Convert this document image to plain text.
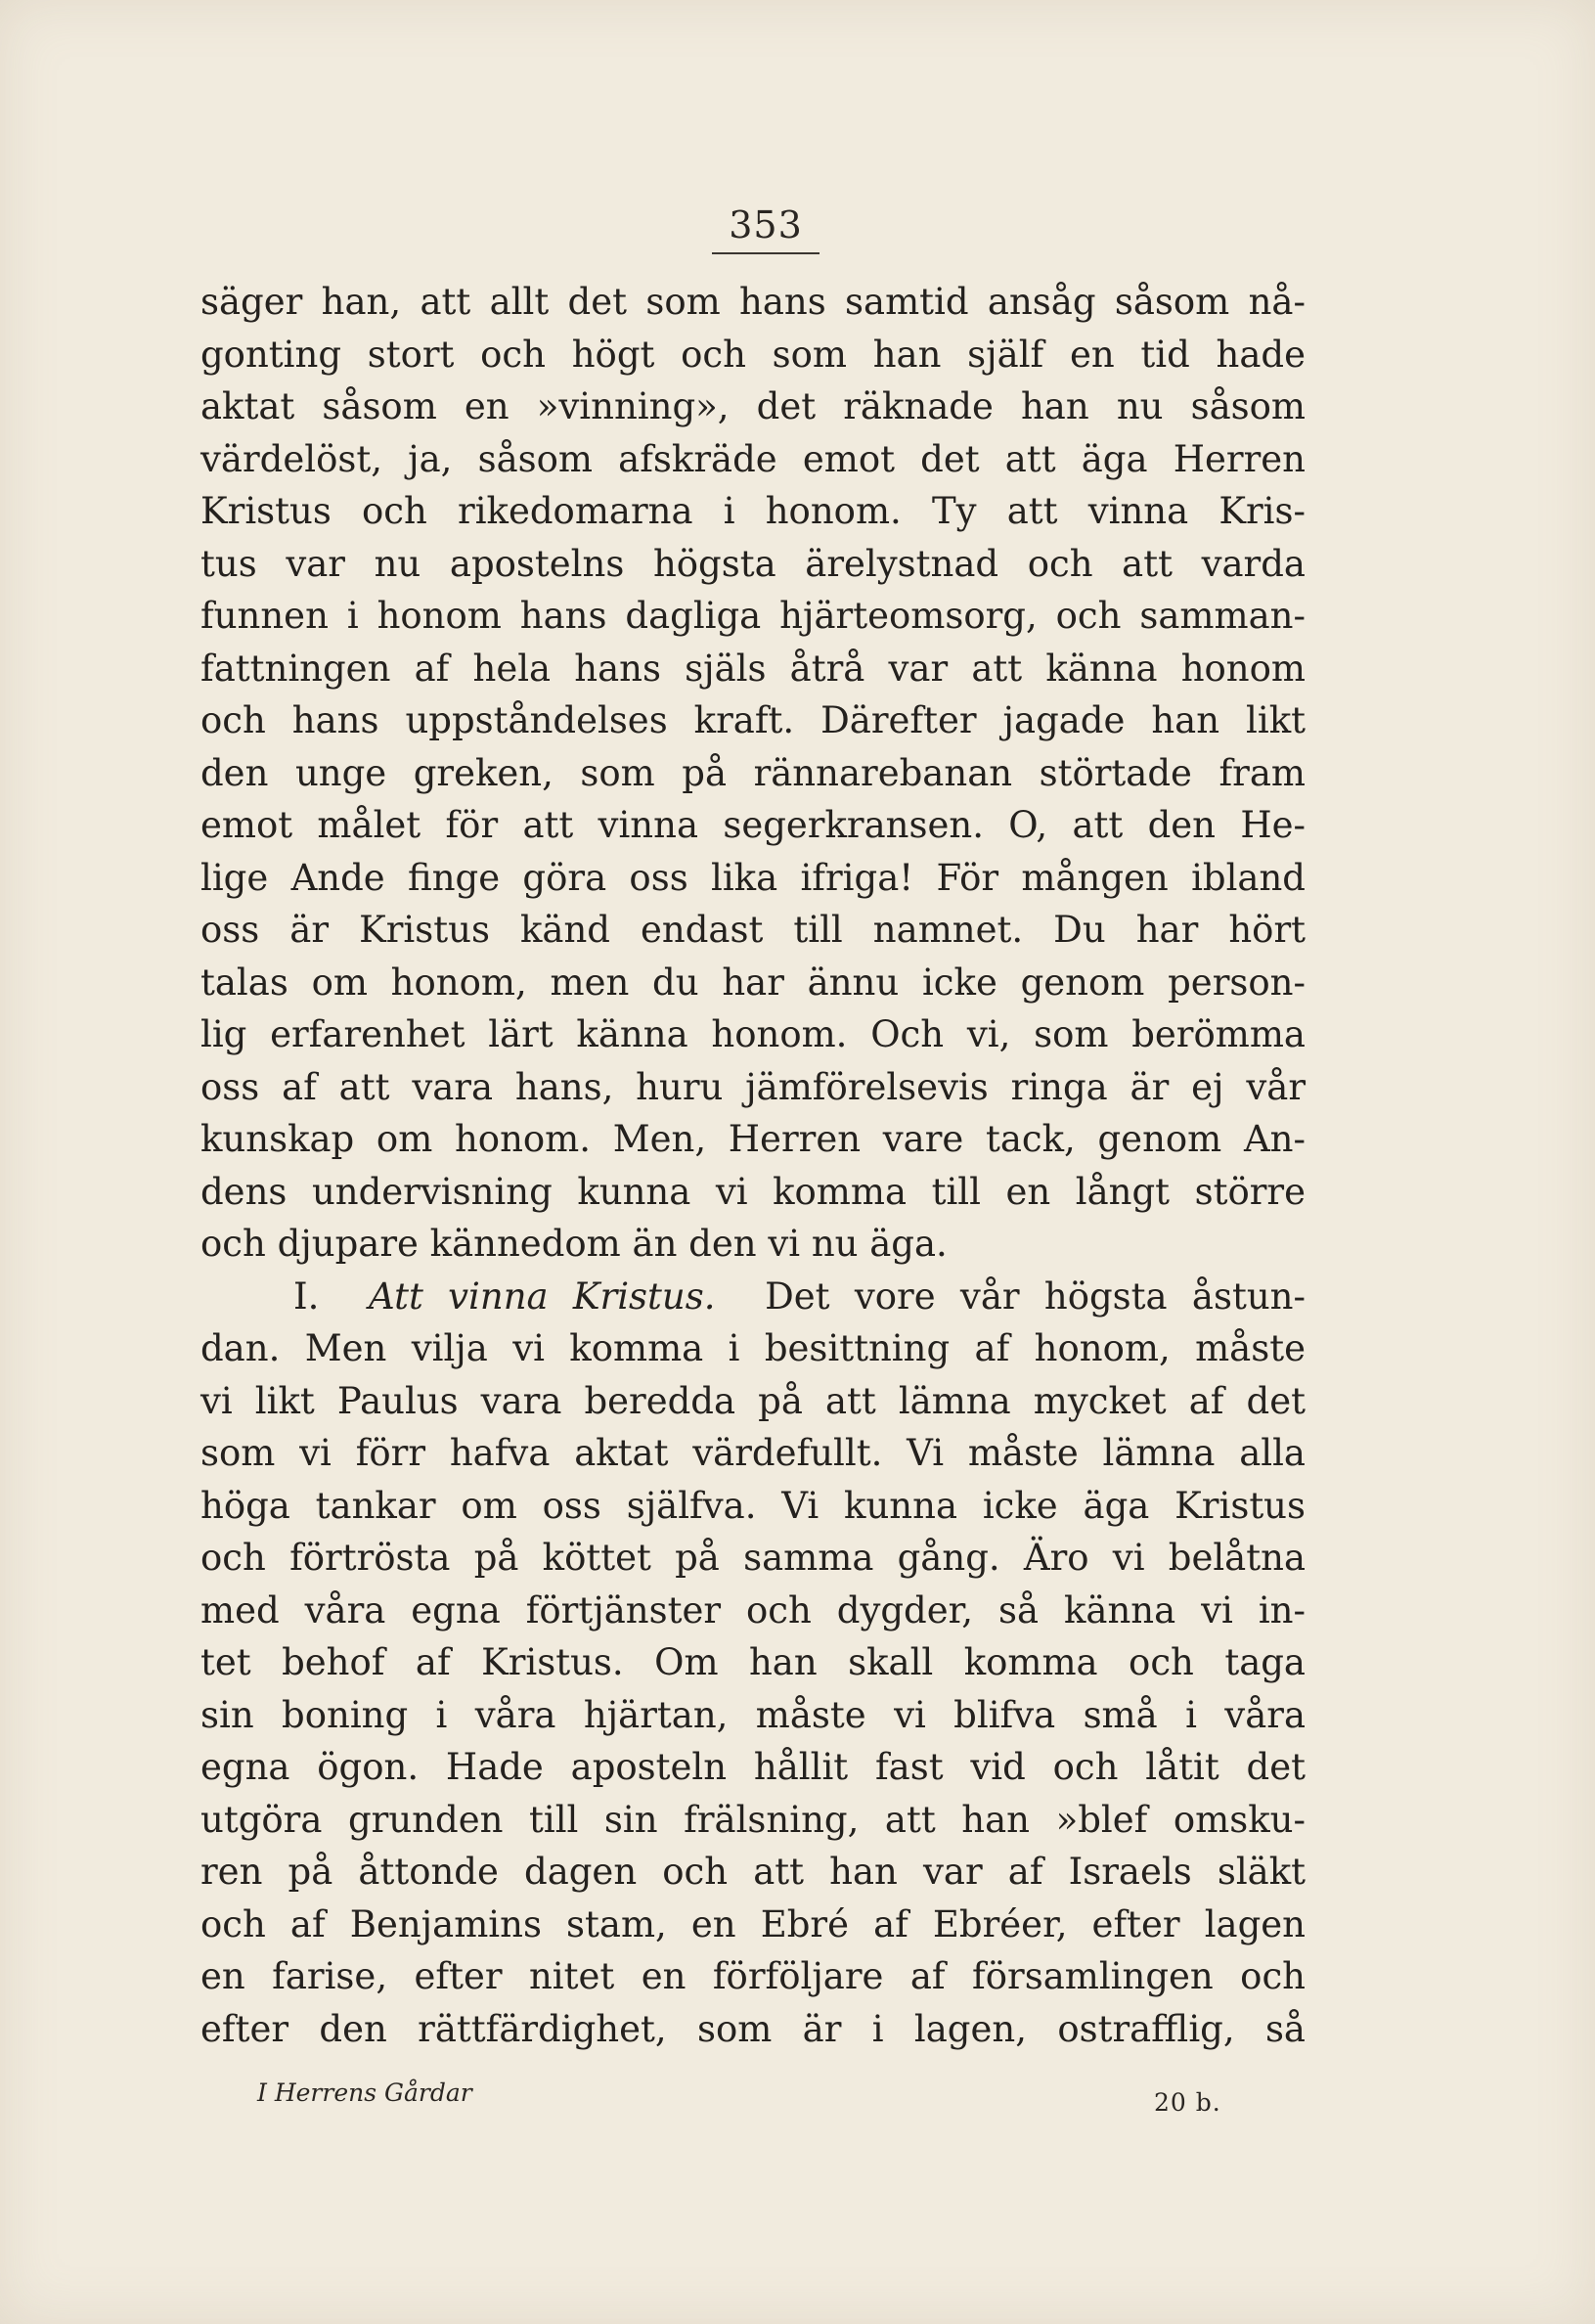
353
säger han, att allt det som hans samtid ansåg såsom nå-
gonting stort och högt och som han själf en tid hade
aktat såsom en »vinning», det räknade han nu såsom
värdelöst, ja, såsom afskräde emot det att äga Herren
Kristus och rikedomarna i honom. Ty att vinna Kris-
tus var nu apostelns högsta ärelystnad och att varda
funnen i honom hans dagliga hjärteomsorg, och samman-
fattningen af hela hans själs åtrå var att känna honom
och hans uppståndelses kraft. Därefter jagade han likt
den unge greken, som på rännarebanan störtade fram
emot målet för att vinna segerkransen. O, att den He-
lige Ande finge göra oss lika ifriga! För mången ibland
oss är Kristus känd endast till namnet. Du har hört
talas om honom, men du har ännu icke genom person-
lig erfarenhet lärt känna honom. Och vi, som berömma
oss af att vara hans, huru jämförelsevis ringa är ej vår
kunskap om honom. Men, Herren vare tack, genom An-
dens undervisning kunna vi komma till en långt större
och djupare kännedom än den vi nu äga.
I. Att vinna Kristus. Det vore vår högsta åstun-
dan. Men vilja vi komma i besittning af honom, måste
vi likt Paulus vara beredda på att lämna mycket af det
som vi förr hafva aktat värdefullt. Vi måste lämna alla
höga tankar om oss själfva. Vi kunna icke äga Kristus
och förtrösta på köttet på samma gång. Äro vi belåtna
med våra egna förtjänster och dygder, så känna vi in-
tet behof af Kristus. Om han skall komma och taga
sin boning i våra hjärtan, måste vi blifva små i våra
egna ögon. Hade aposteln hållit fast vid och låtit det
utgöra grunden till sin frälsning, att han »blef omsku-
ren på åttonde dagen och att han var af Israels släkt
och af Benjamins stam, en Ebré af Ebréer, efter lagen
en farise, efter nitet en förföljare af församlingen och
efter den rättfärdighet, som är i lagen, ostrafflig, så
I Herrens Gårdar	20 b.
